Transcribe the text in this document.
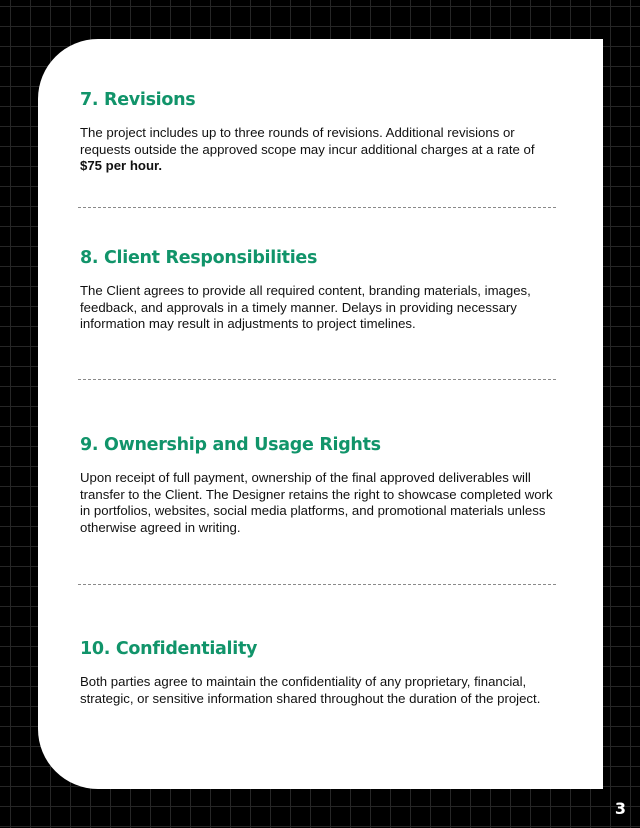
7. Revisions

The project includes up to three rounds of revisions. Additional revisions or requests outside the approved scope may incur additional charges at a rate of $75 per hour.

8. Client Responsibilities

The Client agrees to provide all required content, branding materials, images, feedback, and approvals in a timely manner. Delays in providing necessary information may result in adjustments to project timelines.

9. Ownership and Usage Rights

Upon receipt of full payment, ownership of the final approved deliverables will transfer to the Client. The Designer retains the right to showcase completed work in portfolios, websites, social media platforms, and promotional materials unless otherwise agreed in writing.

10. Confidentiality

Both parties agree to maintain the confidentiality of any proprietary, financial, strategic, or sensitive information shared throughout the duration of the project.

3
